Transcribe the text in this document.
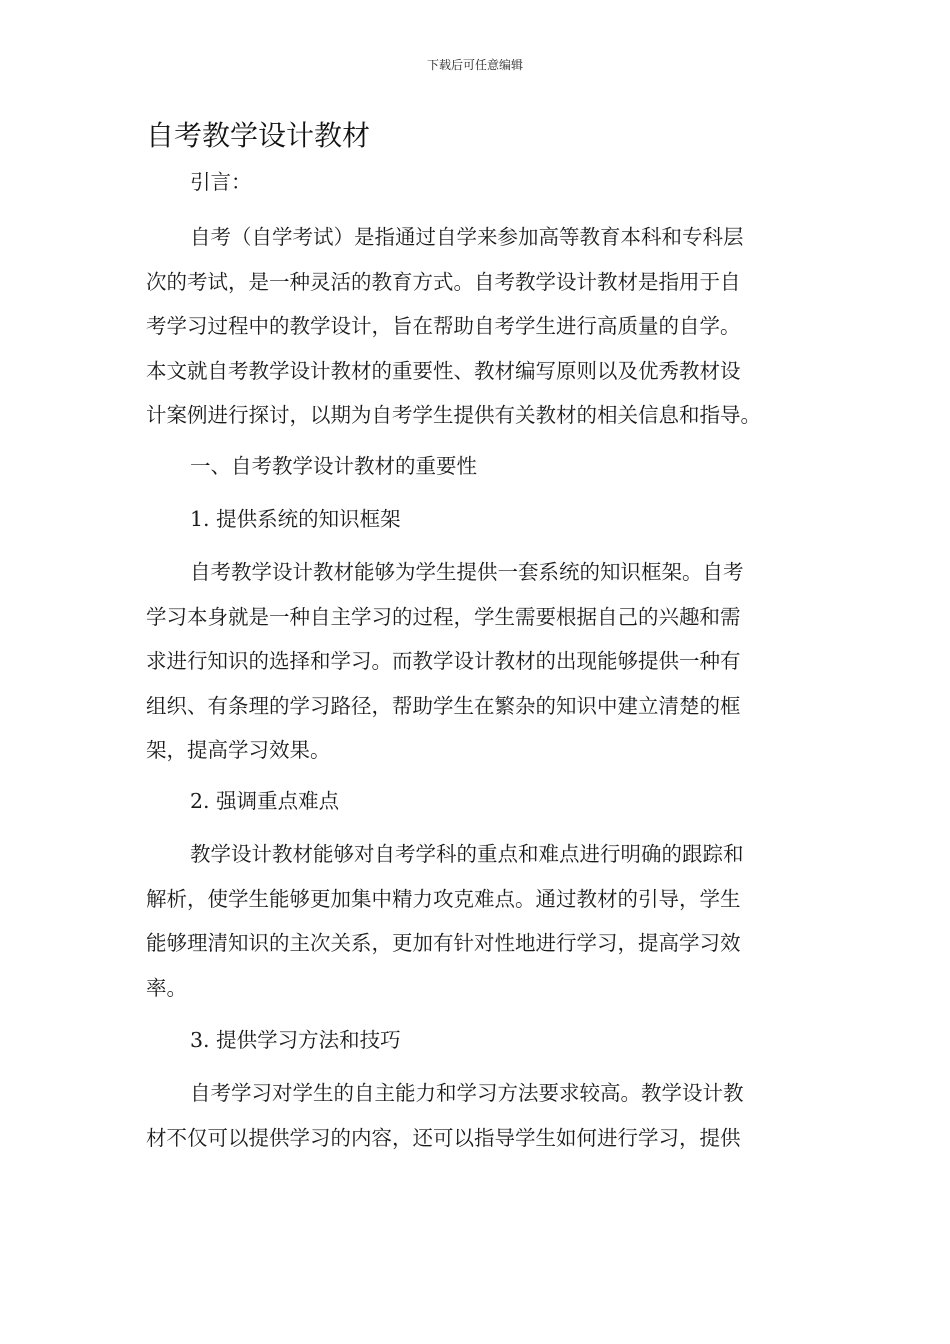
下载后可任意编辑
自考教学设计教材
引言：
自考（自学考试）是指通过自学来参加高等教育本科和专科层
次的考试，是一种灵活的教育方式。自考教学设计教材是指用于自
考学习过程中的教学设计，旨在帮助自考学生进行高质量的自学。
本文就自考教学设计教材的重要性、教材编写原则以及优秀教材设
计案例进行探讨，以期为自考学生提供有关教材的相关信息和指导。
一、自考教学设计教材的重要性
1. 提供系统的知识框架
自考教学设计教材能够为学生提供一套系统的知识框架。自考
学习本身就是一种自主学习的过程，学生需要根据自己的兴趣和需
求进行知识的选择和学习。而教学设计教材的出现能够提供一种有
组织、有条理的学习路径，帮助学生在繁杂的知识中建立清楚的框
架，提高学习效果。
2. 强调重点难点
教学设计教材能够对自考学科的重点和难点进行明确的跟踪和
解析，使学生能够更加集中精力攻克难点。通过教材的引导，学生
能够理清知识的主次关系，更加有针对性地进行学习，提高学习效
率。
3. 提供学习方法和技巧
自考学习对学生的自主能力和学习方法要求较高。教学设计教
材不仅可以提供学习的内容，还可以指导学生如何进行学习，提供
